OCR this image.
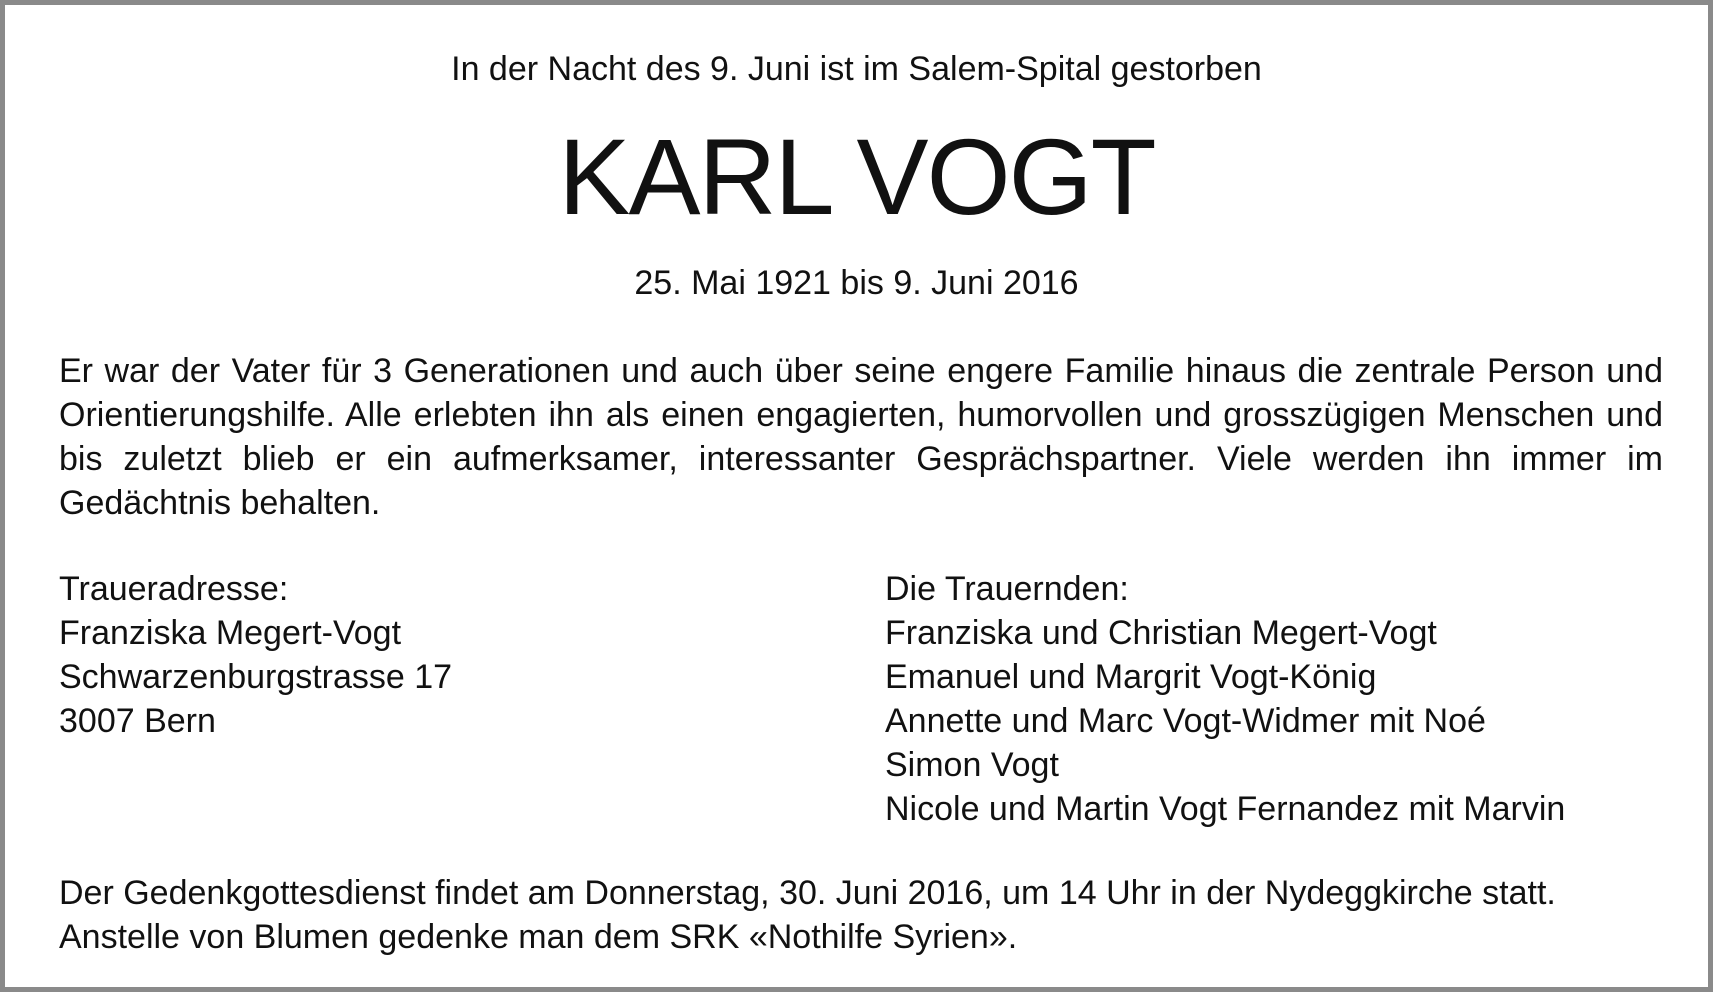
In der Nacht des 9. Juni ist im Salem-Spital gestorben
KARL VOGT
25. Mai 1921 bis 9. Juni 2016

Er war der Vater für 3 Generationen und auch über seine engere Familie hinaus die zentrale Person und Orientierungshilfe. Alle erlebten ihn als einen engagierten, humorvollen und grosszügigen Menschen und bis zuletzt blieb er ein aufmerksamer, interessanter Gesprächspartner. Viele werden ihn immer im Gedächtnis behalten.

Traueradresse:
Franziska Megert-Vogt
Schwarzenburgstrasse 17
3007 Bern
Die Trauernden:
Franziska und Christian Megert-Vogt
Emanuel und Margrit Vogt-König
Annette und Marc Vogt-Widmer mit Noé
Simon Vogt
Nicole und Martin Vogt Fernandez mit Marvin
Der Gedenkgottesdienst findet am Donnerstag, 30. Juni 2016, um 14 Uhr in der Nydeggkirche statt.
Anstelle von Blumen gedenke man dem SRK «Nothilfe Syrien».
